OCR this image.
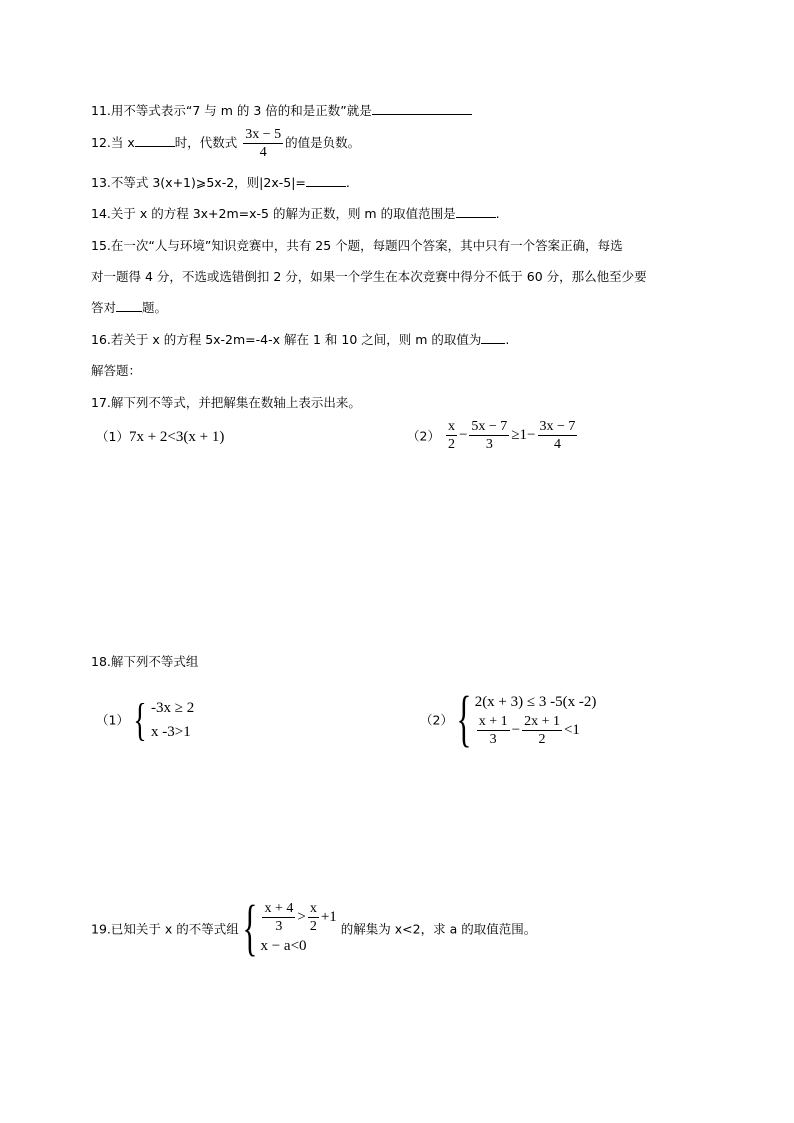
11.用不等式表示“7 与 m 的 3 倍的和是正数”就是
12.当 x	时，代数式 $\frac{3x - 5}{4}$ 的值是负数。
13.不等式 3(x+1)⩾5x-2，则|2x-5|=	.
14.关于 x 的方程 3x+2m=x-5 的解为正数，则 m 的取值范围是	.
15.在一次“人与环境”知识竞赛中，共有 25 个题，每题四个答案，其中只有一个答案正确，每选
对一题得 4 分，不选或选错倒扣 2 分，如果一个学生在本次竞赛中得分不低于 60 分，那么他至少要
答对 题。
16.若关于 x 的方程 5x-2m=-4-x 解在 1 和 10 之间，则 m 的取值为 .
解答题：
17.解下列不等式，并把解集在数轴上表示出来。
（1）7x + 2<3(x + 1)	$(2) \frac{x}{2} - \frac{5x - 7}{3} \ge 1- \frac{3x - 7}{4}$
18.解下列不等式组
（1） { -3x ≥ 2
x -3>1
（2） { 2(x + 3) ≤ 3 -5(x -2)
$\frac{x + 1}{3} - \frac{2x + 1}{2} <1$
19.已知关于 x 的不等式组 { $\frac{x + 4}{3} > \frac{x}{2} +1$
x − a<0
的解集为 x<2，求 a 的取值范围。
